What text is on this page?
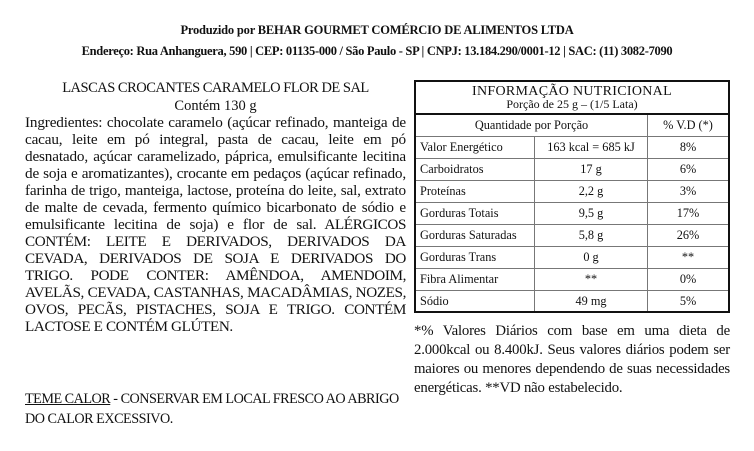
Produzido por BEHAR GOURMET COMÉRCIO DE ALIMENTOS LTDA
Endereço: Rua Anhanguera, 590 | CEP: 01135-000 / São Paulo - SP | CNPJ: 13.184.290/0001-12 | SAC: (11) 3082-7090
LASCAS CROCANTES CARAMELO FLOR DE SAL
Contém 130 g
Ingredientes: chocolate caramelo (açúcar refinado, manteiga de cacau, leite em pó integral, pasta de cacau, leite em pó desnatado, açúcar caramelizado, páprica, emulsificante lecitina de soja e aromatizantes), crocante em pedaços (açúcar refinado, farinha de trigo, manteiga, lactose, proteína do leite, sal, extrato de malte de cevada, fermento químico bicarbonato de sódio e emulsificante lecitina de soja) e flor de sal. ALÉRGICOS CONTÉM: LEITE E DERIVADOS, DERIVADOS DA CEVADA, DERIVADOS DE SOJA E DERIVADOS DO TRIGO. PODE CONTER: AMÊNDOA, AMENDOIM, AVELÃS, CEVADA, CASTANHAS, MACADÂMIAS, NOZES, OVOS, PECÃS, PISTACHES, SOJA E TRIGO. CONTÉM LACTOSE E CONTÉM GLÚTEN.
TEME CALOR - CONSERVAR EM LOCAL FRESCO AO ABRIGO DO CALOR EXCESSIVO.
INFORMAÇÃO NUTRICIONAL
Porção de 25 g – (1/5 Lata)		

Quantidade por Porção		% V.D (*)
Valor Energético	163 kcal = 685 kJ	8%
Carboidratos	17 g	6%
Proteínas	2,2 g	3%
Gorduras Totais	9,5 g	17%
Gorduras Saturadas	5,8 g	26%
Gorduras Trans	0 g	**
Fibra Alimentar	**	0%
Sódio	49 mg	5%
*% Valores Diários com base em uma dieta de 2.000kcal ou 8.400kJ. Seus valores diários podem ser maiores ou menores dependendo de suas necessidades energéticas. **VD não estabelecido.
